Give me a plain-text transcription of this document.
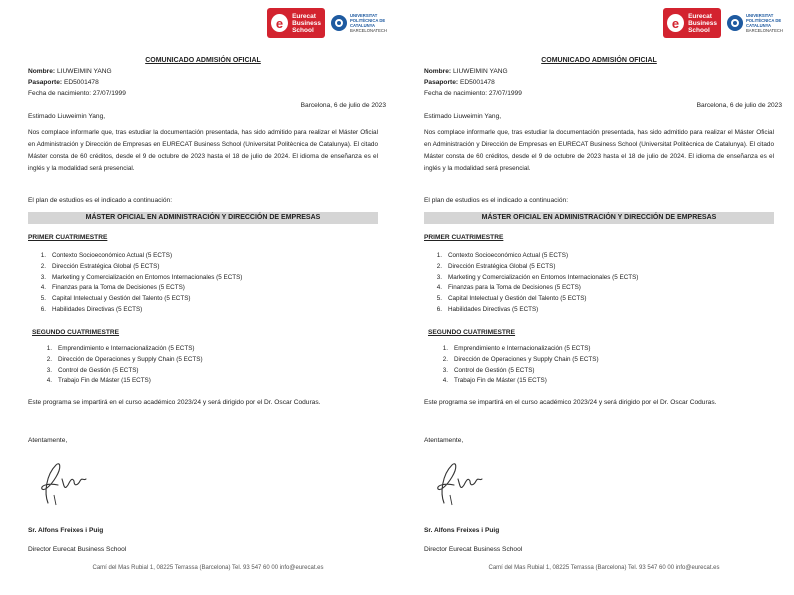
e Eurecat
Business
School
UNIVERSITAT POLITÈCNICA DE CATALUNYA
BARCELONATECH
COMUNICADO ADMISIÓN OFICIAL
Nombre: LIUWEIMIN YANG
Pasaporte: ED5001478
Fecha de nacimiento: 27/07/1999
Barcelona, 6 de julio de 2023
Estimado Liuweimin Yang,
Nos complace informarle que, tras estudiar la documentación presentada, has sido admitido para realizar el Máster Oficial en Administración y Dirección de Empresas en EURECAT Business School (Universitat Politècnica de Catalunya). El citado Máster consta de 60 créditos, desde el 9 de octubre de 2023 hasta el 18 de julio de 2024. El idioma de enseñanza es el inglés y la modalidad será presencial.
El plan de estudios es el indicado a continuación:
MÁSTER OFICIAL EN ADMINISTRACIÓN Y DIRECCIÓN DE EMPRESAS
PRIMER CUATRIMESTRE
1. Contexto Socioeconómico Actual (5 ECTS)
2. Dirección Estratégica Global (5 ECTS)
3. Marketing y Comercialización en Entornos Internacionales (5 ECTS)
4. Finanzas para la Toma de Decisiones (5 ECTS)
5. Capital Intelectual y Gestión del Talento (5 ECTS)
6. Habilidades Directivas (5 ECTS)
SEGUNDO CUATRIMESTRE
1. Emprendimiento e Internacionalización (5 ECTS)
2. Dirección de Operaciones y Supply Chain (5 ECTS)
3. Control de Gestión (5 ECTS)
4. Trabajo Fin de Máster (15 ECTS)
Este programa se impartirá en el curso académico 2023/24 y será dirigido por el Dr. Oscar Coduras.
Atentamente,
Sr. Alfons Freixes i Puig
Director Eurecat Business School
Camí del Mas Rubial 1, 08225 Terrassa (Barcelona) Tel. 93 547 60 00 info@eurecat.es
e Eurecat
Business
School
UNIVERSITAT POLITÈCNICA DE CATALUNYA
BARCELONATECH
COMUNICADO ADMISIÓN OFICIAL
Nombre: LIUWEIMIN YANG
Pasaporte: ED5001478
Fecha de nacimiento: 27/07/1999
Barcelona, 6 de julio de 2023
Estimado Liuweimin Yang,
Nos complace informarle que, tras estudiar la documentación presentada, has sido admitido para realizar el Máster Oficial en Administración y Dirección de Empresas en EURECAT Business School (Universitat Politècnica de Catalunya). El citado Máster consta de 60 créditos, desde el 9 de octubre de 2023 hasta el 18 de julio de 2024. El idioma de enseñanza es el inglés y la modalidad será presencial.
El plan de estudios es el indicado a continuación:
MÁSTER OFICIAL EN ADMINISTRACIÓN Y DIRECCIÓN DE EMPRESAS
PRIMER CUATRIMESTRE
1. Contexto Socioeconómico Actual (5 ECTS)
2. Dirección Estratégica Global (5 ECTS)
3. Marketing y Comercialización en Entornos Internacionales (5 ECTS)
4. Finanzas para la Toma de Decisiones (5 ECTS)
5. Capital Intelectual y Gestión del Talento (5 ECTS)
6. Habilidades Directivas (5 ECTS)
SEGUNDO CUATRIMESTRE
1. Emprendimiento e Internacionalización (5 ECTS)
2. Dirección de Operaciones y Supply Chain (5 ECTS)
3. Control de Gestión (5 ECTS)
4. Trabajo Fin de Máster (15 ECTS)
Este programa se impartirá en el curso académico 2023/24 y será dirigido por el Dr. Oscar Coduras.
Atentamente,
Sr. Alfons Freixes i Puig
Director Eurecat Business School
Camí del Mas Rubial 1, 08225 Terrassa (Barcelona) Tel. 93 547 60 00 info@eurecat.es
